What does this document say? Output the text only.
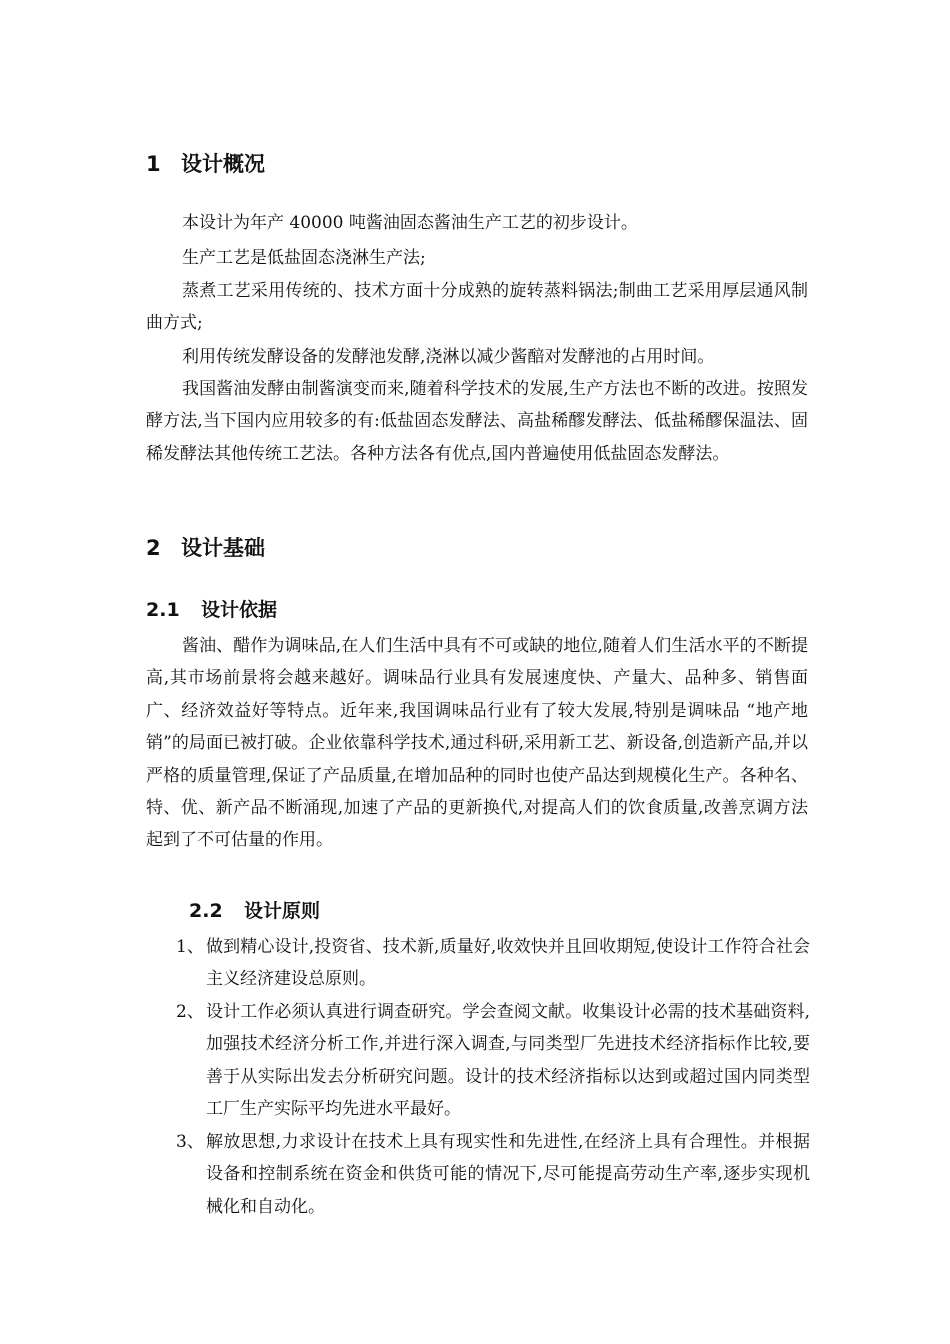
1 设计概况

本设计为年产 40000 吨酱油固态酱油生产工艺的初步设计。

生产工艺是低盐固态浇淋生产法;

蒸煮工艺采用传统的、技术方面十分成熟的旋转蒸料锅法;制曲工艺采用厚层通风制曲方式;

利用传统发酵设备的发酵池发酵,浇淋以减少酱醅对发酵池的占用时间。

我国酱油发酵由制酱演变而来,随着科学技术的发展,生产方法也不断的改进。按照发酵方法,当下国内应用较多的有:低盐固态发酵法、高盐稀醪发酵法、低盐稀醪保温法、固稀发酵法其他传统工艺法。各种方法各有优点,国内普遍使用低盐固态发酵法。

2 设计基础
2.1 设计依据

酱油、醋作为调味品,在人们生活中具有不可或缺的地位,随着人们生活水平的不断提高,其市场前景将会越来越好。调味品行业具有发展速度快、产量大、品种多、销售面广、经济效益好等特点。近年来,我国调味品行业有了较大发展,特别是调味品 “地产地销”的局面已被打破。企业依靠科学技术,通过科研,采用新工艺、新设备,创造新产品,并以严格的质量管理,保证了产品质量,在增加品种的同时也使产品达到规模化生产。各种名、特、优、新产品不断涌现,加速了产品的更新换代,对提高人们的饮食质量,改善烹调方法起到了不可估量的作用。

2.2 设计原则
1、 做到精心设计,投资省、技术新,质量好,收效快并且回收期短,使设计工作符合社会主义经济建设总原则。
2、 设计工作必须认真进行调查研究。学会查阅文献。收集设计必需的技术基础资料,加强技术经济分析工作,并进行深入调查,与同类型厂先进技术经济指标作比较,要善于从实际出发去分析研究问题。设计的技术经济指标以达到或超过国内同类型工厂生产实际平均先进水平最好。
3、 解放思想,力求设计在技术上具有现实性和先进性,在经济上具有合理性。并根据设备和控制系统在资金和供货可能的情况下,尽可能提高劳动生产率,逐步实现机械化和自动化。
